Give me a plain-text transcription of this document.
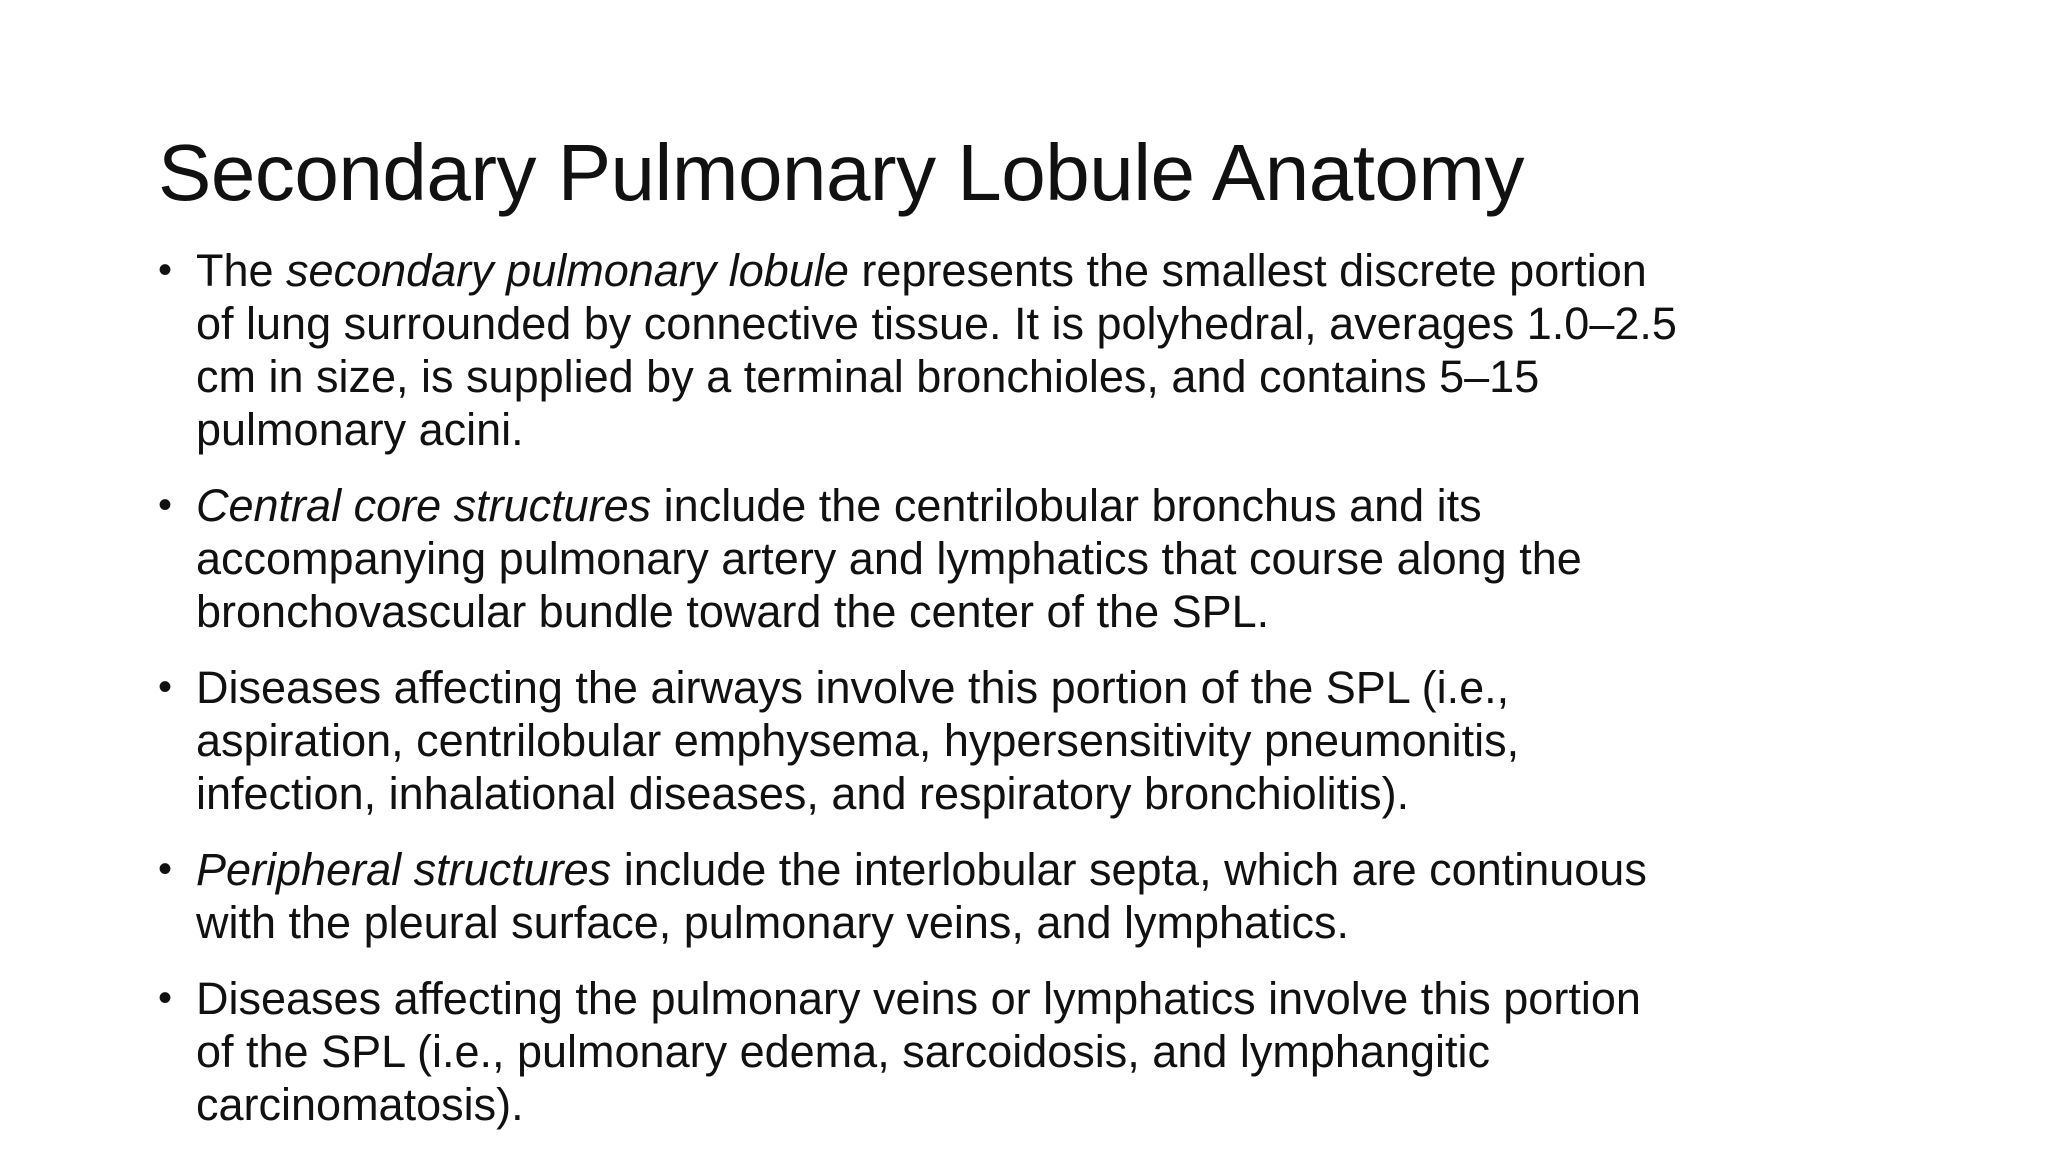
Secondary Pulmonary Lobule Anatomy
• The secondary pulmonary lobule represents the smallest discrete portion
of lung surrounded by connective tissue. It is polyhedral, averages 1.0–2.5
cm in size, is supplied by a terminal bronchioles, and contains 5–15
pulmonary acini.
• Central core structures include the centrilobular bronchus and its
accompanying pulmonary artery and lymphatics that course along the
bronchovascular bundle toward the center of the SPL.
• Diseases affecting the airways involve this portion of the SPL (i.e.,
aspiration, centrilobular emphysema, hypersensitivity pneumonitis,
infection, inhalational diseases, and respiratory bronchiolitis).
• Peripheral structures include the interlobular septa, which are continuous
with the pleural surface, pulmonary veins, and lymphatics.
• Diseases affecting the pulmonary veins or lymphatics involve this portion
of the SPL (i.e., pulmonary edema, sarcoidosis, and lymphangitic
carcinomatosis).
